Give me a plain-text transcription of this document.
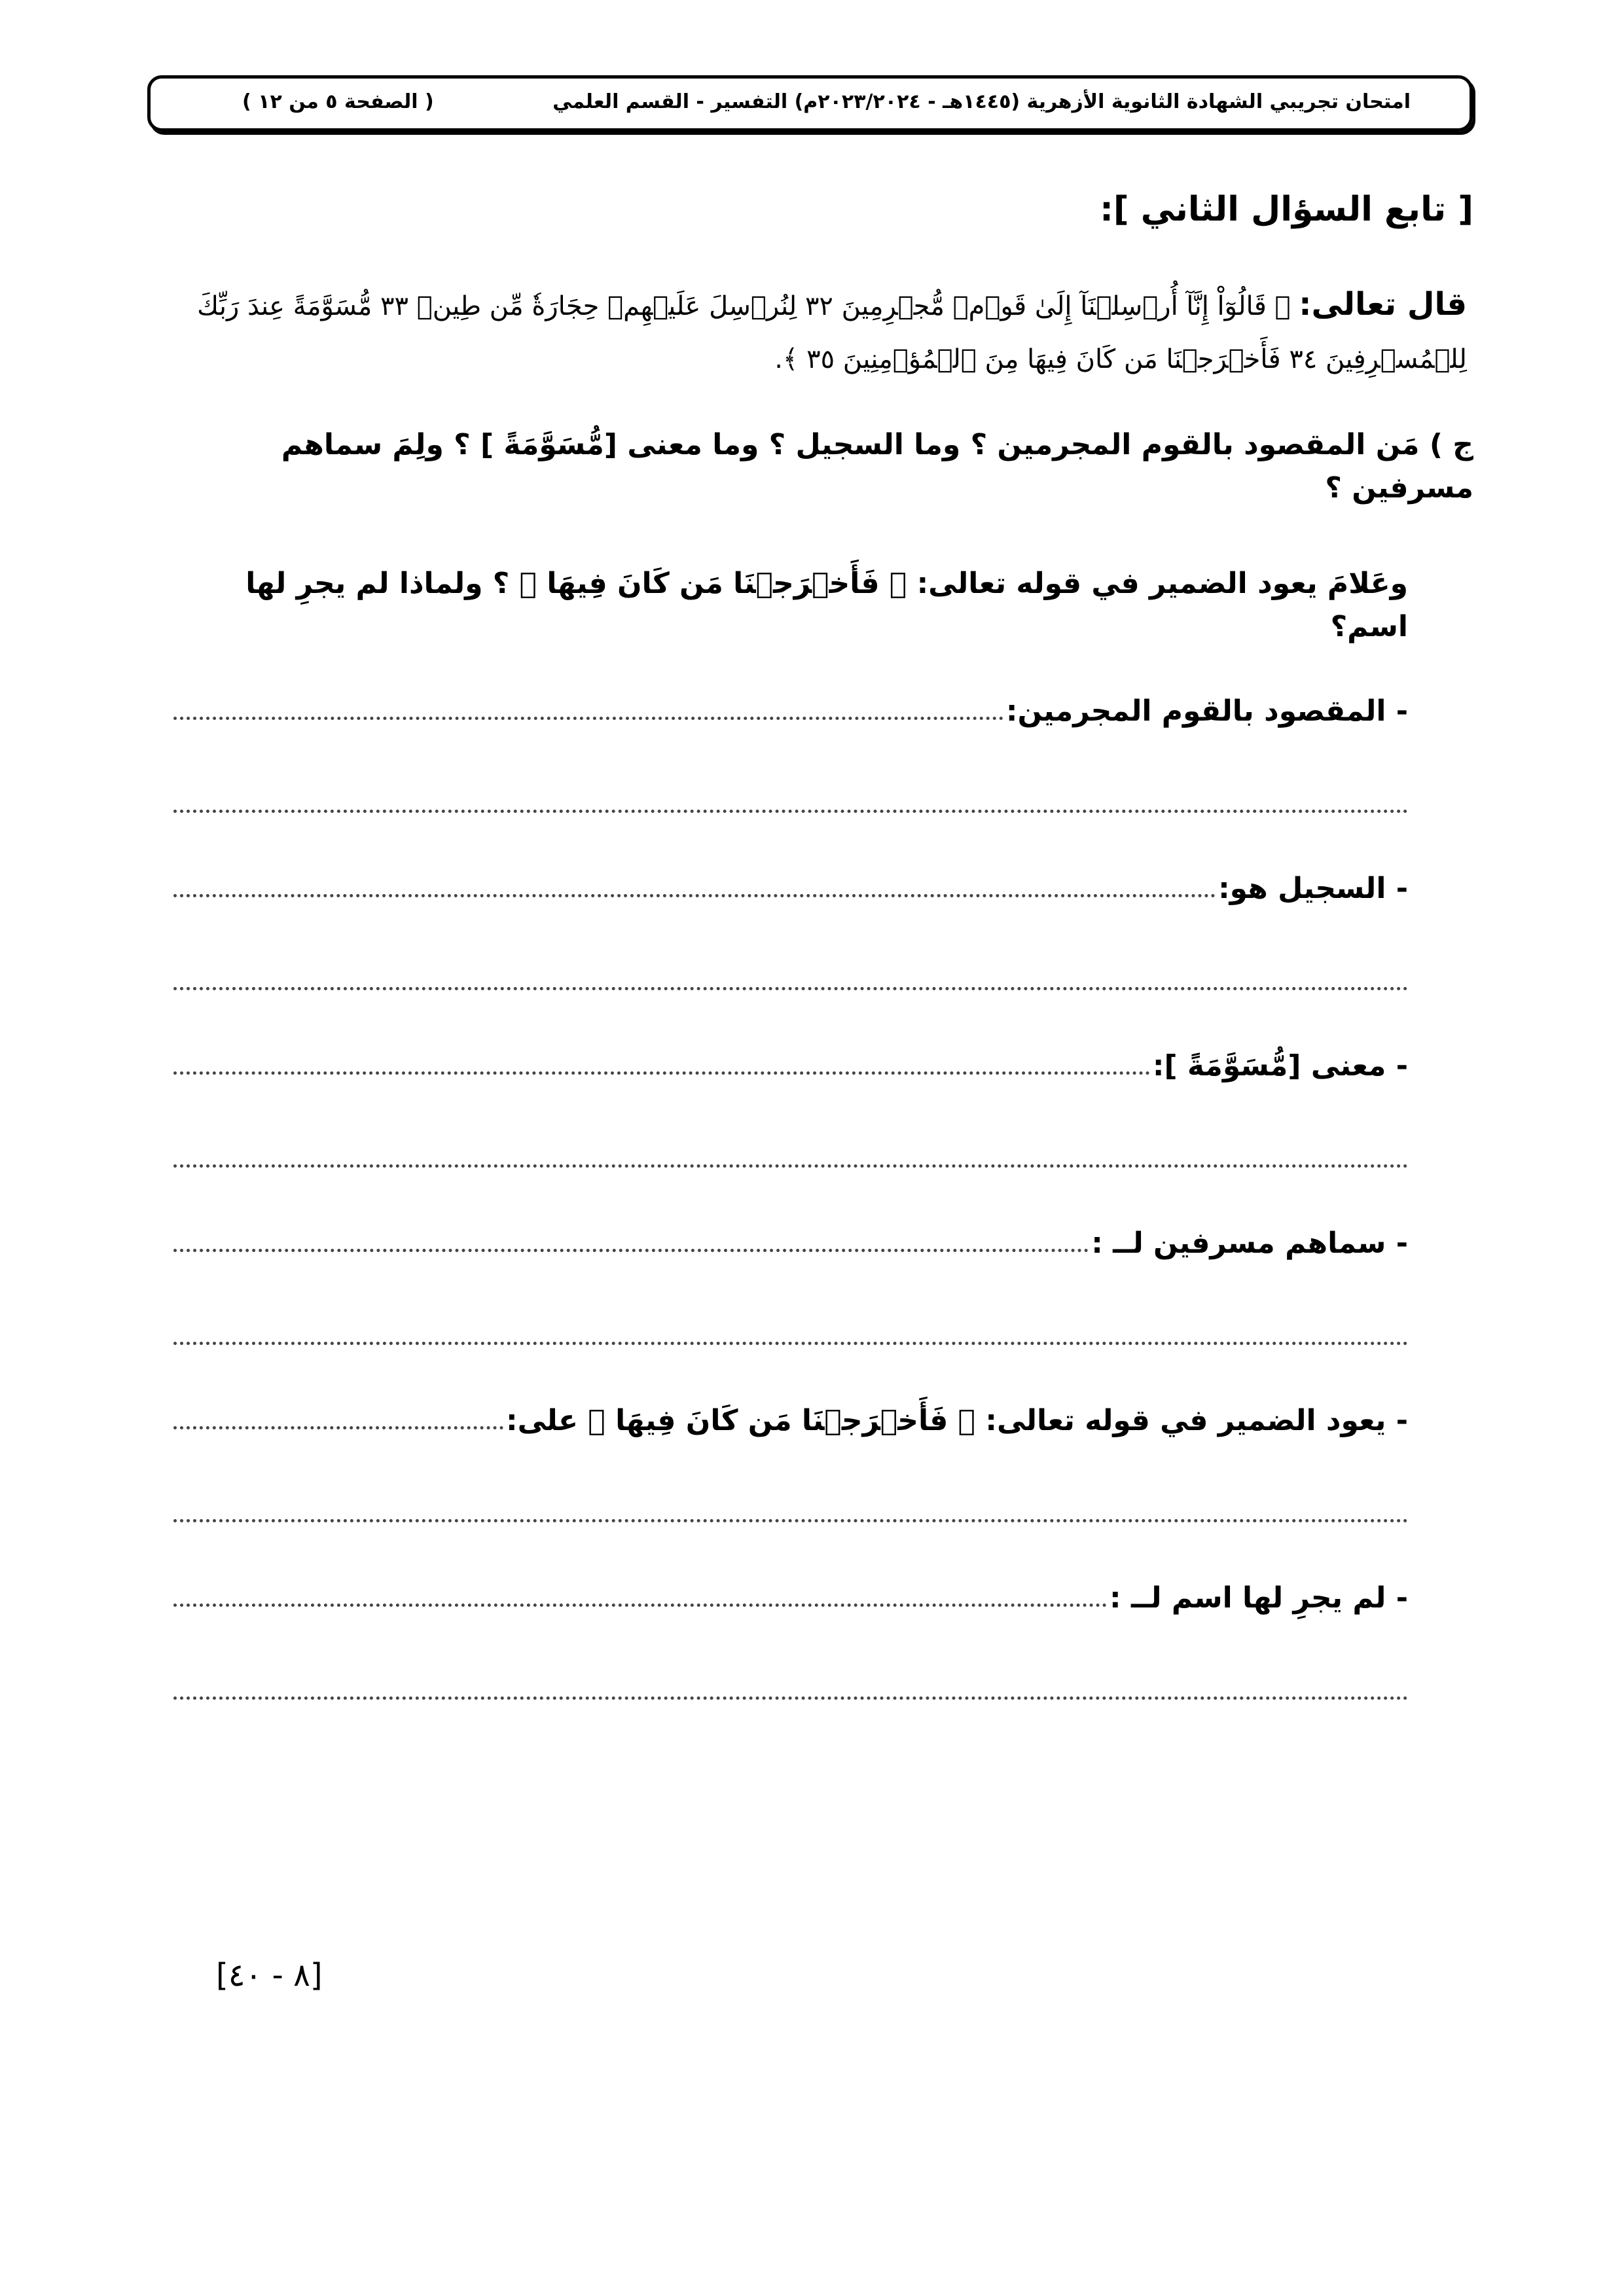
امتحان تجريبي الشهادة الثانوية الأزهرية (١٤٤٥هـ - ٢٠٢٣/٢٠٢٤م) التفسير - القسم العلمي
( الصفحة ٥ من ١٢ )
[ تابع السؤال الثاني ]:
قال تعالى: ﴿ قَالُوٓاْ إِنَّآ أُرۡسِلۡنَآ إِلَىٰ قَوۡمٖ مُّجۡرِمِينَ ٣٢ لِنُرۡسِلَ عَلَيۡهِمۡ حِجَارَةٗ مِّن طِينٖ ٣٣ مُّسَوَّمَةً عِندَ رَبِّكَ لِلۡمُسۡرِفِينَ ٣٤ فَأَخۡرَجۡنَا مَن كَانَ فِيهَا مِنَ ٱلۡمُؤۡمِنِينَ ٣٥ ﴾.
ج ) مَن المقصود بالقوم المجرمين ؟ وما السجيل ؟ وما معنى [مُّسَوَّمَةً ] ؟ ولِمَ سماهم مسرفين ؟
وعَلامَ يعود الضمير في قوله تعالى: ﴿ فَأَخۡرَجۡنَا مَن كَانَ فِيهَا ﴾ ؟ ولماذا لم يجرِ لها اسم؟
- المقصود بالقوم المجرمين:
- السجيل هو:
- معنى [مُّسَوَّمَةً ]:
- سماهم مسرفين لــ :
- يعود الضمير في قوله تعالى: ﴿ فَأَخۡرَجۡنَا مَن كَانَ فِيهَا ﴾ على:
- لم يجرِ لها اسم لــ :
[٨ - ٤٠]
